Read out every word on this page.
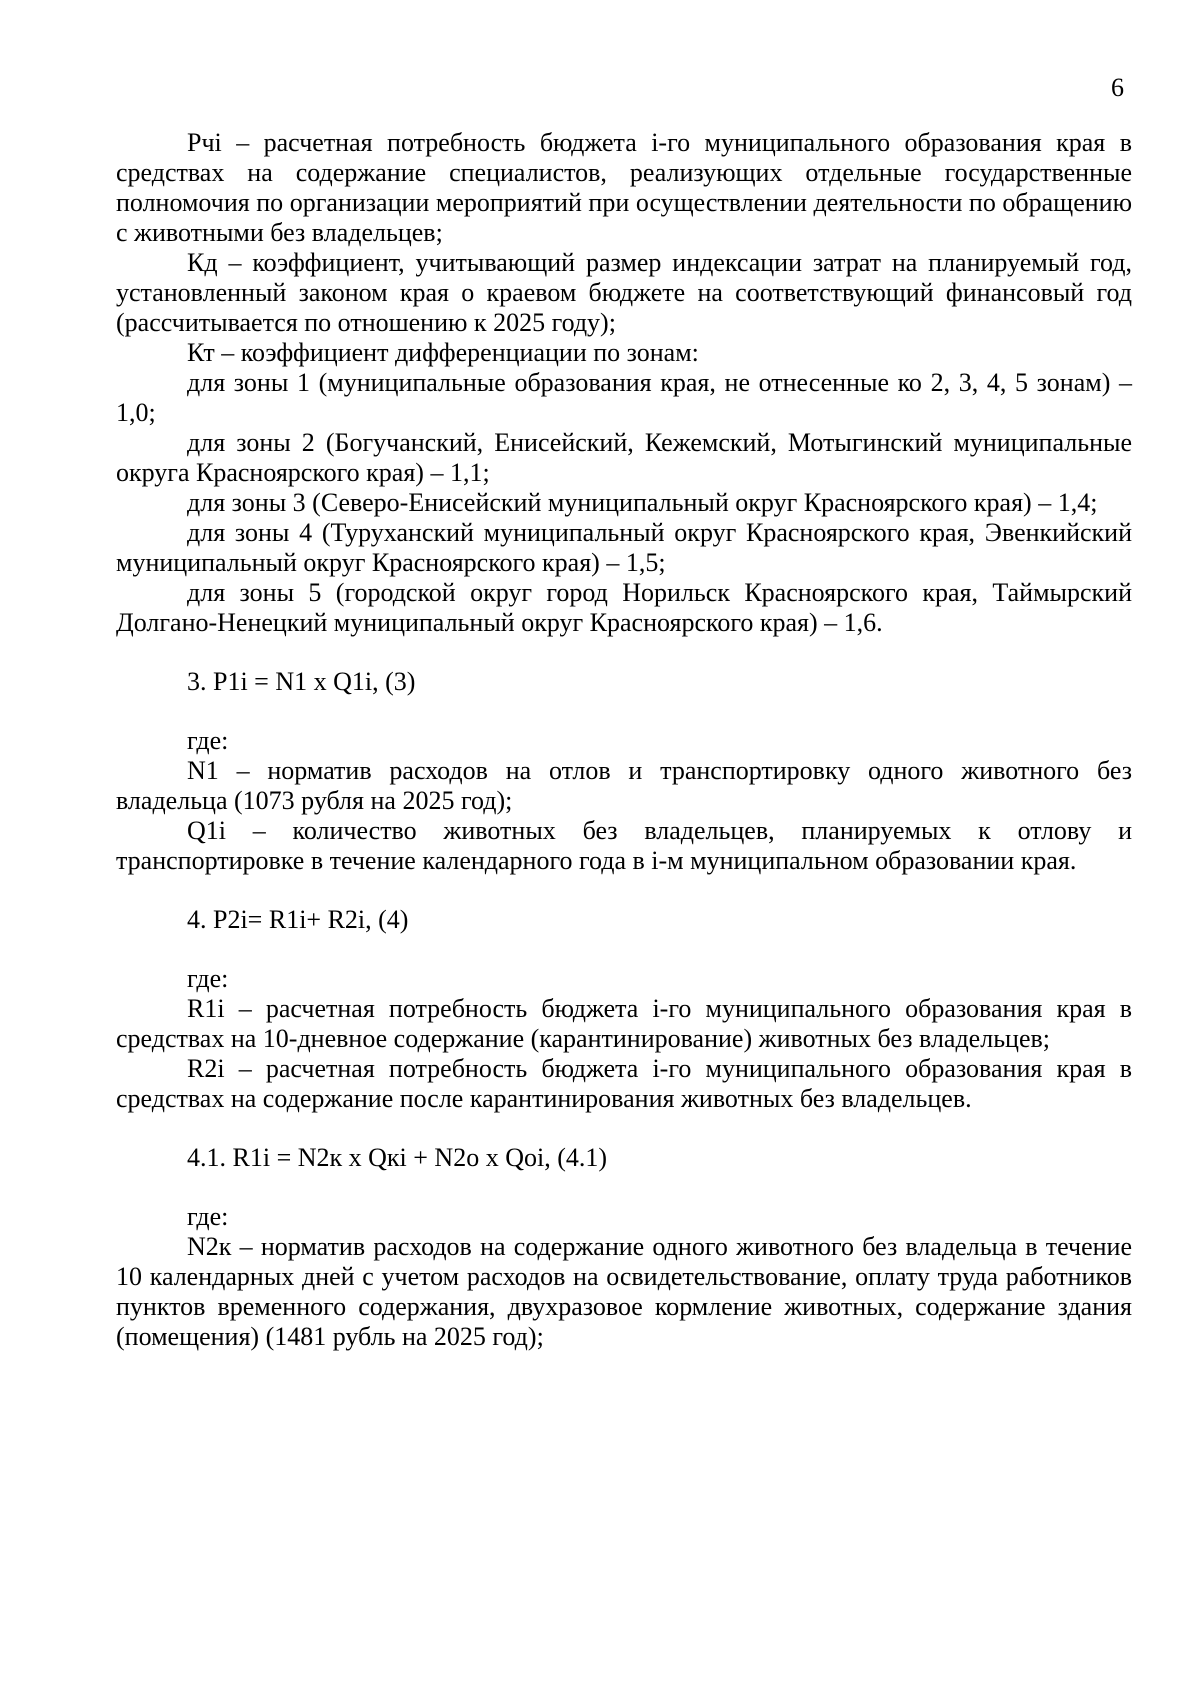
6

Рчi – расчетная потребность бюджета i-го муниципального образования края в средствах на содержание специалистов, реализующих отдельные государственные полномочия по организации мероприятий при осуществлении деятельности по обращению с животными без владельцев;

Кд – коэффициент, учитывающий размер индексации затрат на планируемый год, установленный законом края о краевом бюджете на соответствующий финансовый год (рассчитывается по отношению к 2025 году);

Кт – коэффициент дифференциации по зонам:

для зоны 1 (муниципальные образования края, не отнесенные ко 2, 3, 4, 5 зонам) – 1,0;

для зоны 2 (Богучанский, Енисейский, Кежемский, Мотыгинский муниципальные округа Красноярского края) – 1,1;

для зоны 3 (Северо-Енисейский муниципальный округ Красноярского края) – 1,4;

для зоны 4 (Туруханский муниципальный округ Красноярского края, Эвенкийский муниципальный округ Красноярского края) – 1,5;

для зоны 5 (городской округ город Норильск Красноярского края, Таймырский Долгано-Ненецкий муниципальный округ Красноярского края) – 1,6.

3. P1i = N1 x Q1i, (3)

где:

N1 – норматив расходов на отлов и транспортировку одного животного без владельца (1073 рубля на 2025 год);

Q1i – количество животных без владельцев, планируемых к отлову и транспортировке в течение календарного года в i-м муниципальном образовании края.

4. P2i= R1i+ R2i, (4)

где:

R1i – расчетная потребность бюджета i-го муниципального образования края в средствах на 10-дневное содержание (карантинирование) животных без владельцев;

R2i – расчетная потребность бюджета i-го муниципального образования края в средствах на содержание после карантинирования животных без владельцев.

4.1. R1i = N2к x Qкi + N2о x Qоi, (4.1)

где:

N2к – норматив расходов на содержание одного животного без владельца в течение 10 календарных дней с учетом расходов на освидетельствование, оплату труда работников пунктов временного содержания, двухразовое кормление животных, содержание здания (помещения) (1481 рубль на 2025 год);
